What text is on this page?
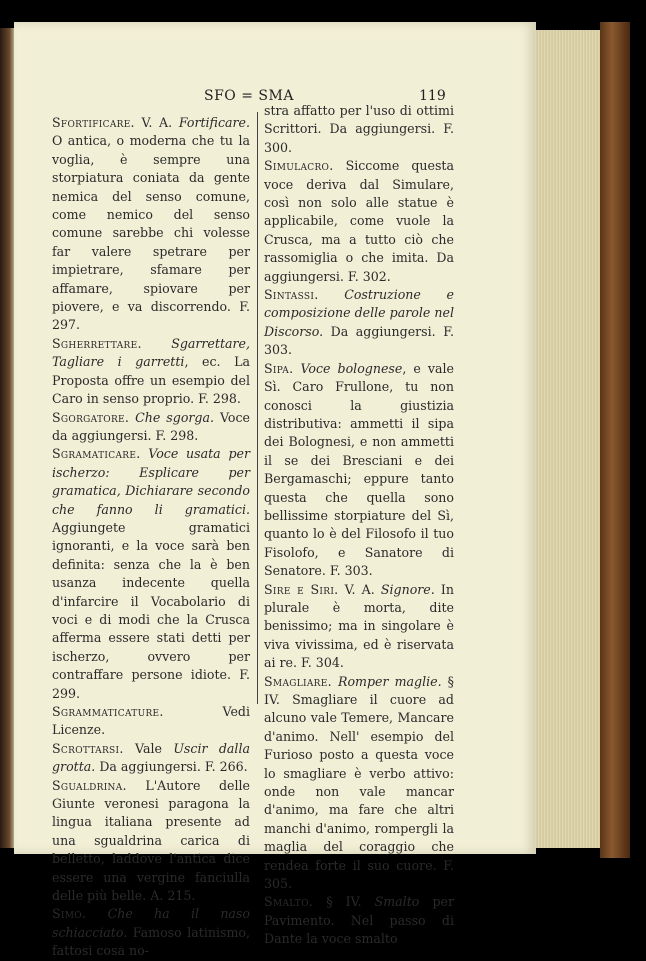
SFO = SMA	119

Sfortificare. V. A. Fortificare. O antica, o moderna che tu la voglia, è sempre una storpiatura coniata da gente nemica del senso comune, come nemico del senso comune sarebbe chi volesse far valere spetrare per impietrare, sfamare per affamare, spiovare per piovere, e va discorrendo. F. 297.

Sgherrettare. Sgarrettare, Tagliare i garretti, ec. La Proposta offre un esempio del Caro in senso proprio. F. 298.

Sgorgatore. Che sgorga. Voce da aggiungersi. F. 298.

Sgramaticare. Voce usata per ischerzo: Esplicare per gramatica, Dichiarare secondo che fanno li gramatici. Aggiungete gramatici ignoranti, e la voce sarà ben definita: senza che la è ben usanza indecente quella d'infarcire il Vocabolario di voci e di modi che la Crusca afferma essere stati detti per ischerzo, ovvero per contraffare persone idiote. F. 299.

Sgrammaticature. Vedi Licenze.

Scrottarsi. Vale Uscir dalla grotta. Da aggiungersi. F. 266.

Sgualdrina. L'Autore delle Giunte veronesi paragona la lingua italiana presente ad una sgualdrina carica di belletto, laddove l'antica dice essere una vergine fanciulla delle più belle. A. 215.

Simo. Che ha il naso schiacciato. Famoso latinismo, fattosi cosa no-

stra affatto per l'uso di ottimi Scrittori. Da aggiungersi. F. 300.

Simulacro. Siccome questa voce deriva dal Simulare, così non solo alle statue è applicabile, come vuole la Crusca, ma a tutto ciò che rassomiglia o che imita. Da aggiungersi. F. 302.

Sintassi. Costruzione e composizione delle parole nel Discorso. Da aggiungersi. F. 303.

Sipa. Voce bolognese, e vale Sì. Caro Frullone, tu non conosci la giustizia distributiva: ammetti il sipa dei Bolognesi, e non ammetti il se dei Bresciani e dei Bergamaschi; eppure tanto questa che quella sono bellissime storpiature del Sì, quanto lo è del Filosofo il tuo Fisolofo, e Sanatore di Senatore. F. 303.

Sire e Siri. V. A. Signore. In plurale è morta, dite benissimo; ma in singolare è viva vivissima, ed è riservata ai re. F. 304.

Smagliare. Romper maglie. § IV. Smagliare il cuore ad alcuno vale Temere, Mancare d'animo. Nell' esempio del Furioso posto a questa voce lo smagliare è verbo attivo: onde non vale mancar d'animo, ma fare che altri manchi d'animo, rompergli la maglia del coraggio che rendea forte il suo cuore. F. 305.

Smalto. § IV. Smalto per Pavimento. Nel passo di Dante la voce smalto
